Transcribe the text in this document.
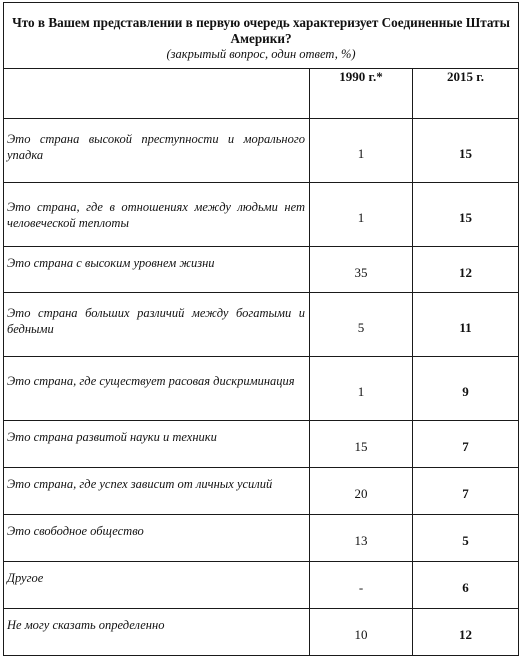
Что в Вашем представлении в первую очередь характеризует Соединенные Штаты Америки?
(закрытый вопрос, один ответ, %)		

	1990 г.*	2015 г.

Это страна высокой преступности и морального упадка	1	15

Это страна, где в отношениях между людьми нет человеческой теплоты	1	15

Это страна с высоким уровнем жизни	35	12

Это страна больших различий между богатыми и бедными	5	11

Это страна, где существует расовая дискриминация	1	9

Это страна развитой науки и техники	15	7

Это страна, где успех зависит от личных усилий	20	7

Это свободное общество	13	5

Другое	-	6

Не могу сказать определенно	10	12
